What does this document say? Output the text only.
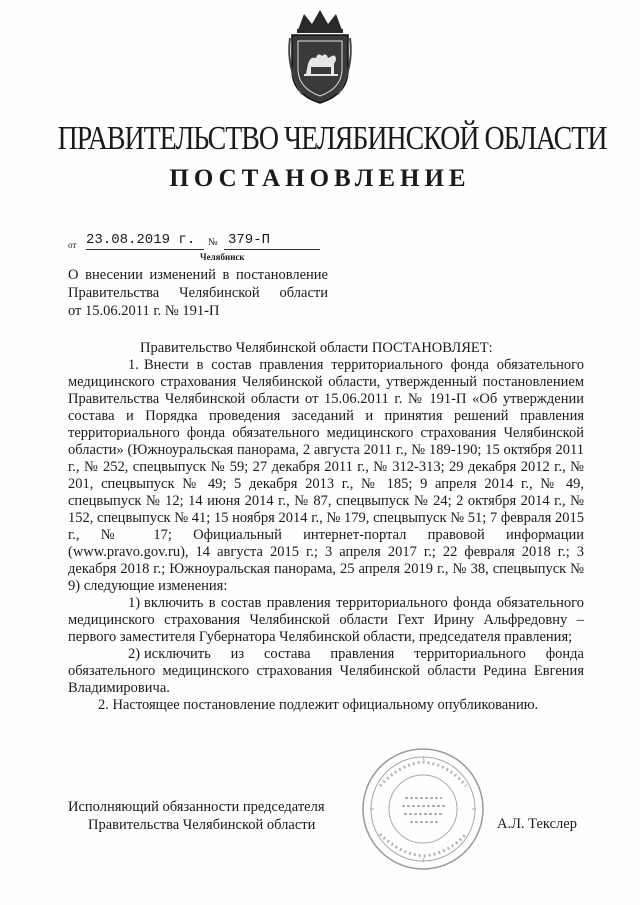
ПРАВИТЕЛЬСТВО ЧЕЛЯБИНСКОЙ ОБЛАСТИ
ПОСТАНОВЛЕНИЕ
от 23.08.2019 г.	№ 379-П
Челябинск
О внесении изменений в постановление
Правительства Челябинской области
от 15.06.2011 г. № 191-П

Правительство Челябинской области ПОСТАНОВЛЯЕТ:

1. Внести в состав правления территориального фонда обязательного медицинского страхования Челябинской области, утвержденный постановлением Правительства Челябинской области от 15.06.2011 г. № 191-П «Об утверждении состава и Порядка проведения заседаний и принятия решений правления территориального фонда обязательного медицинского страхования Челябинской области» (Южноуральская панорама, 2 августа 2011 г., № 189-190; 15 октября 2011 г., № 252, спецвыпуск № 59; 27 декабря 2011 г., № 312-313; 29 декабря 2012 г., № 201, спецвыпуск № 49; 5 декабря 2013 г., № 185; 9 апреля 2014 г., № 49, спецвыпуск № 12; 14 июня 2014 г., № 87, спецвыпуск № 24; 2 октября 2014 г., № 152, спецвыпуск № 41; 15 ноября 2014 г., № 179, спецвыпуск № 51; 7 февраля 2015 г., № 17; Официальный интернет-портал правовой информации (www.pravo.gov.ru), 14 августа 2015 г.; 3 апреля 2017 г.; 22 февраля 2018 г.; 3 декабря 2018 г.; Южноуральская панорама, 25 апреля 2019 г., № 38, спецвыпуск № 9) следующие изменения:

1) включить в состав правления территориального фонда обязательного медицинского страхования Челябинской области Гехт Ирину Альфредовну – первого заместителя Губернатора Челябинской области, председателя правления;

2) исключить из состава правления территориального фонда обязательного медицинского страхования Челябинской области Редина Евгения Владимировича.

2. Настоящее постановление подлежит официальному опубликованию.

Исполняющий обязанности председателя
Правительства Челябинской области	А.Л. Текслер
